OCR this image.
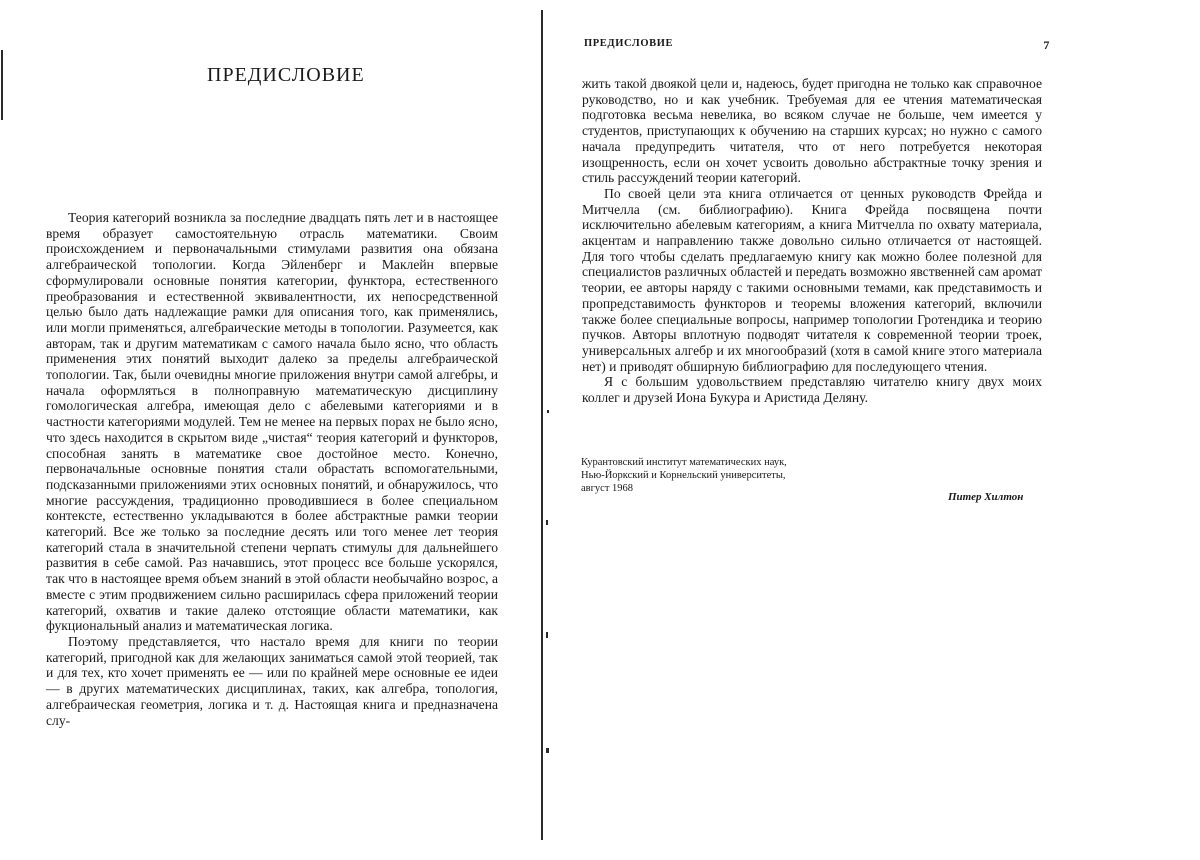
ПРЕДИСЛОВИЕ

Теория категорий возникла за последние двадцать пять лет и в настоящее время образует самостоятельную отрасль математики. Своим происхождением и первоначальными стимулами развития она обязана алгебраической топологии. Когда Эйленберг и Маклейн впервые сформулировали основные понятия категории, функтора, естественного преобразования и естественной эквивалентности, их непосредственной целью было дать надлежащие рамки для описания того, как применялись, или могли применяться, алгебраические методы в топологии. Разумеется, как авторам, так и другим математикам с самого начала было ясно, что область применения этих понятий выходит далеко за пределы алгебраической топологии. Так, были очевидны многие приложения внутри самой алгебры, и начала оформляться в полноправную математическую дисциплину гомологическая алгебра, имеющая дело с абелевыми категориями и в частности категориями модулей. Тем не менее на первых порах не было ясно, что здесь находится в скрытом виде „чистая“ теория категорий и функторов, способная занять в математике свое достойное место. Конечно, первоначальные основные понятия стали обрастать вспомогательными, подсказанными приложениями этих основных понятий, и обнаружилось, что многие рассуждения, традиционно проводившиеся в более специальном контексте, естественно укладываются в более абстрактные рамки теории категорий. Все же только за последние десять или того менее лет теория категорий стала в значительной степени черпать стимулы для дальнейшего развития в себе самой. Раз начавшись, этот процесс все больше ускорялся, так что в настоящее время объем знаний в этой области необычайно возрос, а вместе с этим продвижением сильно расширилась сфера приложений теории категорий, охватив и такие далеко отстоящие области математики, как фукциональный анализ и математическая логика.

Поэтому представляется, что настало время для книги по теории категорий, пригодной как для желающих заниматься самой этой теорией, так и для тех, кто хочет применять ее — или по крайней мере основные ее идеи — в других математических дисциплинах, таких, как алгебра, топология, алгебраическая геометрия, логика и т. д. Настоящая книга и предназначена слу-

ПРЕДИСЛОВИЕ	7

жить такой двоякой цели и, надеюсь, будет пригодна не только как справочное руководство, но и как учебник. Требуемая для ее чтения математическая подготовка весьма невелика, во всяком случае не больше, чем имеется у студентов, приступающих к обучению на старших курсах; но нужно с самого начала предупредить читателя, что от него потребуется некоторая изощренность, если он хочет усвоить довольно абстрактные точку зрения и стиль рассуждений теории категорий.

По своей цели эта книга отличается от ценных руководств Фрейда и Митчелла (см. библиографию). Книга Фрейда посвящена почти исключительно абелевым категориям, а книга Митчелла по охвату материала, акцентам и направлению также довольно сильно отличается от настоящей. Для того чтобы сделать предлагаемую книгу как можно более полезной для специалистов различных областей и передать возможно явственней сам аромат теории, ее авторы наряду с такими основными темами, как представимость и пропредставимость функторов и теоремы вложения категорий, включили также более специальные вопросы, например топологии Гротендика и теорию пучков. Авторы вплотную подводят читателя к современной теории троек, универсальных алгебр и их многообразий (хотя в самой книге этого материала нет) и приводят обширную библиографию для последующего чтения.

Я с большим удовольствием представляю читателю книгу двух моих коллег и друзей Иона Букура и Аристида Деляну.

Курантовский институт математических наук,
Нью-Йоркский и Корнельский университеты,
август 1968
Питер Хилтон
